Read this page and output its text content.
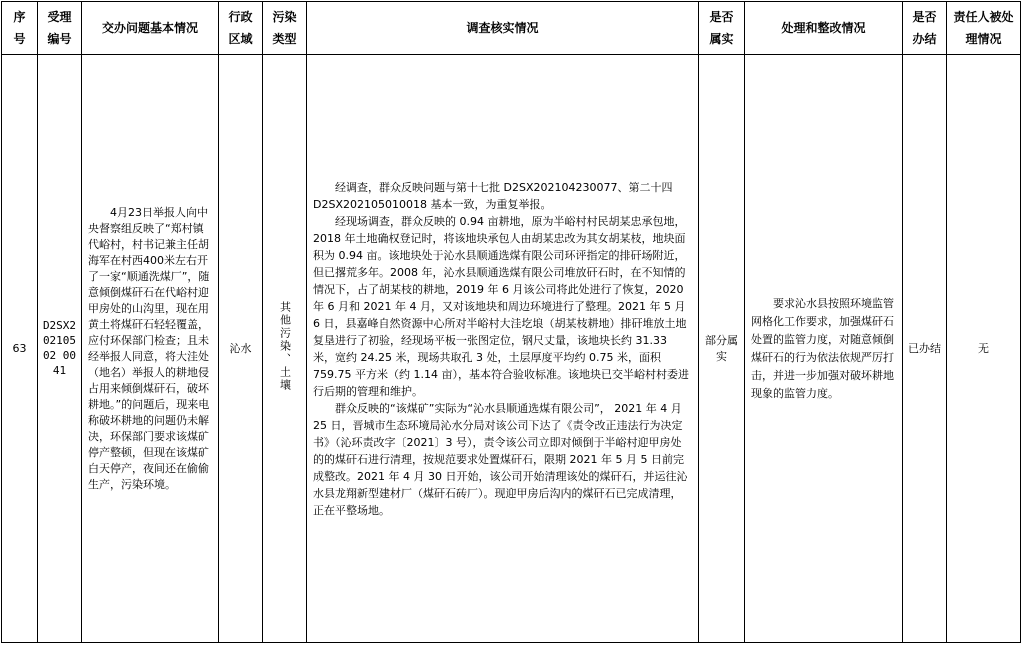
序号	受理编号	交办问题基本情况	行政区域	污染类型	调查核实情况	是否属实	处理和整改情况	是否办结	责任人被处理情况
63	D2SX20210502 0041	4月23日举报人向中央督察组反映了“郑村镇代峪村，村书记兼主任胡海军在村西400米左右开了一家“顺通洗煤厂”，随意倾倒煤矸石在代峪村迎甲房处的山沟里，现在用黄土将煤矸石轻轻覆盖，应付环保部门检查；且未经举报人同意，将大洼处（地名）举报人的耕地侵占用来倾倒煤矸石，破坏耕地。”的问题后，现来电称破坏耕地的问题仍未解决，环保部门要求该煤矿停产整顿，但现在该煤矿白天停产，夜间还在偷偷生产，污染环境。	沁水	其他污染、土壤	经调查，群众反映问题与第十七批 D2SX202104230077、第二十四 D2SX202105010018 基本一致，为重复举报。

经现场调查，群众反映的 0.94 亩耕地，原为半峪村村民胡某忠承包地，2018 年土地确权登记时，将该地块承包人由胡某忠改为其女胡某枝，地块面积为 0.94 亩。该地块处于沁水县顺通选煤有限公司环评指定的排矸场附近，但已撂荒多年。2008 年，沁水县顺通选煤有限公司堆放矸石时，在不知情的情况下，占了胡某枝的耕地，2019 年 6 月该公司将此处进行了恢复，2020 年 6 月和 2021 年 4 月，又对该地块和周边环境进行了整理。2021 年 5 月 6 日，县嘉峰自然资源中心所对半峪村大洼圪埌（胡某枝耕地）排矸堆放土地复垦进行了初验，经现场平板一张图定位，钢尺丈量，该地块长约 31.33 米，宽约 24.25 米，现场共取孔 3 处，土层厚度平均约 0.75 米，面积 759.75 平方米（约 1.14 亩），基本符合验收标准。该地块已交半峪村村委进行后期的管理和维护。

群众反映的“该煤矿”实际为“沁水县顺通选煤有限公司”， 2021 年 4 月 25 日，晋城市生态环境局沁水分局对该公司下达了《责令改正违法行为决定书》（沁环责改字〔2021〕3 号），责令该公司立即对倾倒于半峪村迎甲房处的的煤矸石进行清理，按规范要求处置煤矸石，限期 2021 年 5 月 5 日前完成整改。2021 年 4 月 30 日开始，该公司开始清理该处的煤矸石，并运往沁水县龙翔新型建材厂（煤矸石砖厂）。现迎甲房后沟内的煤矸石已完成清理，正在平整场地。	部分属实	要求沁水县按照环境监管网格化工作要求，加强煤矸石处置的监管力度，对随意倾倒煤矸石的行为依法依规严厉打击，并进一步加强对破坏耕地现象的监管力度。	已办结	无
